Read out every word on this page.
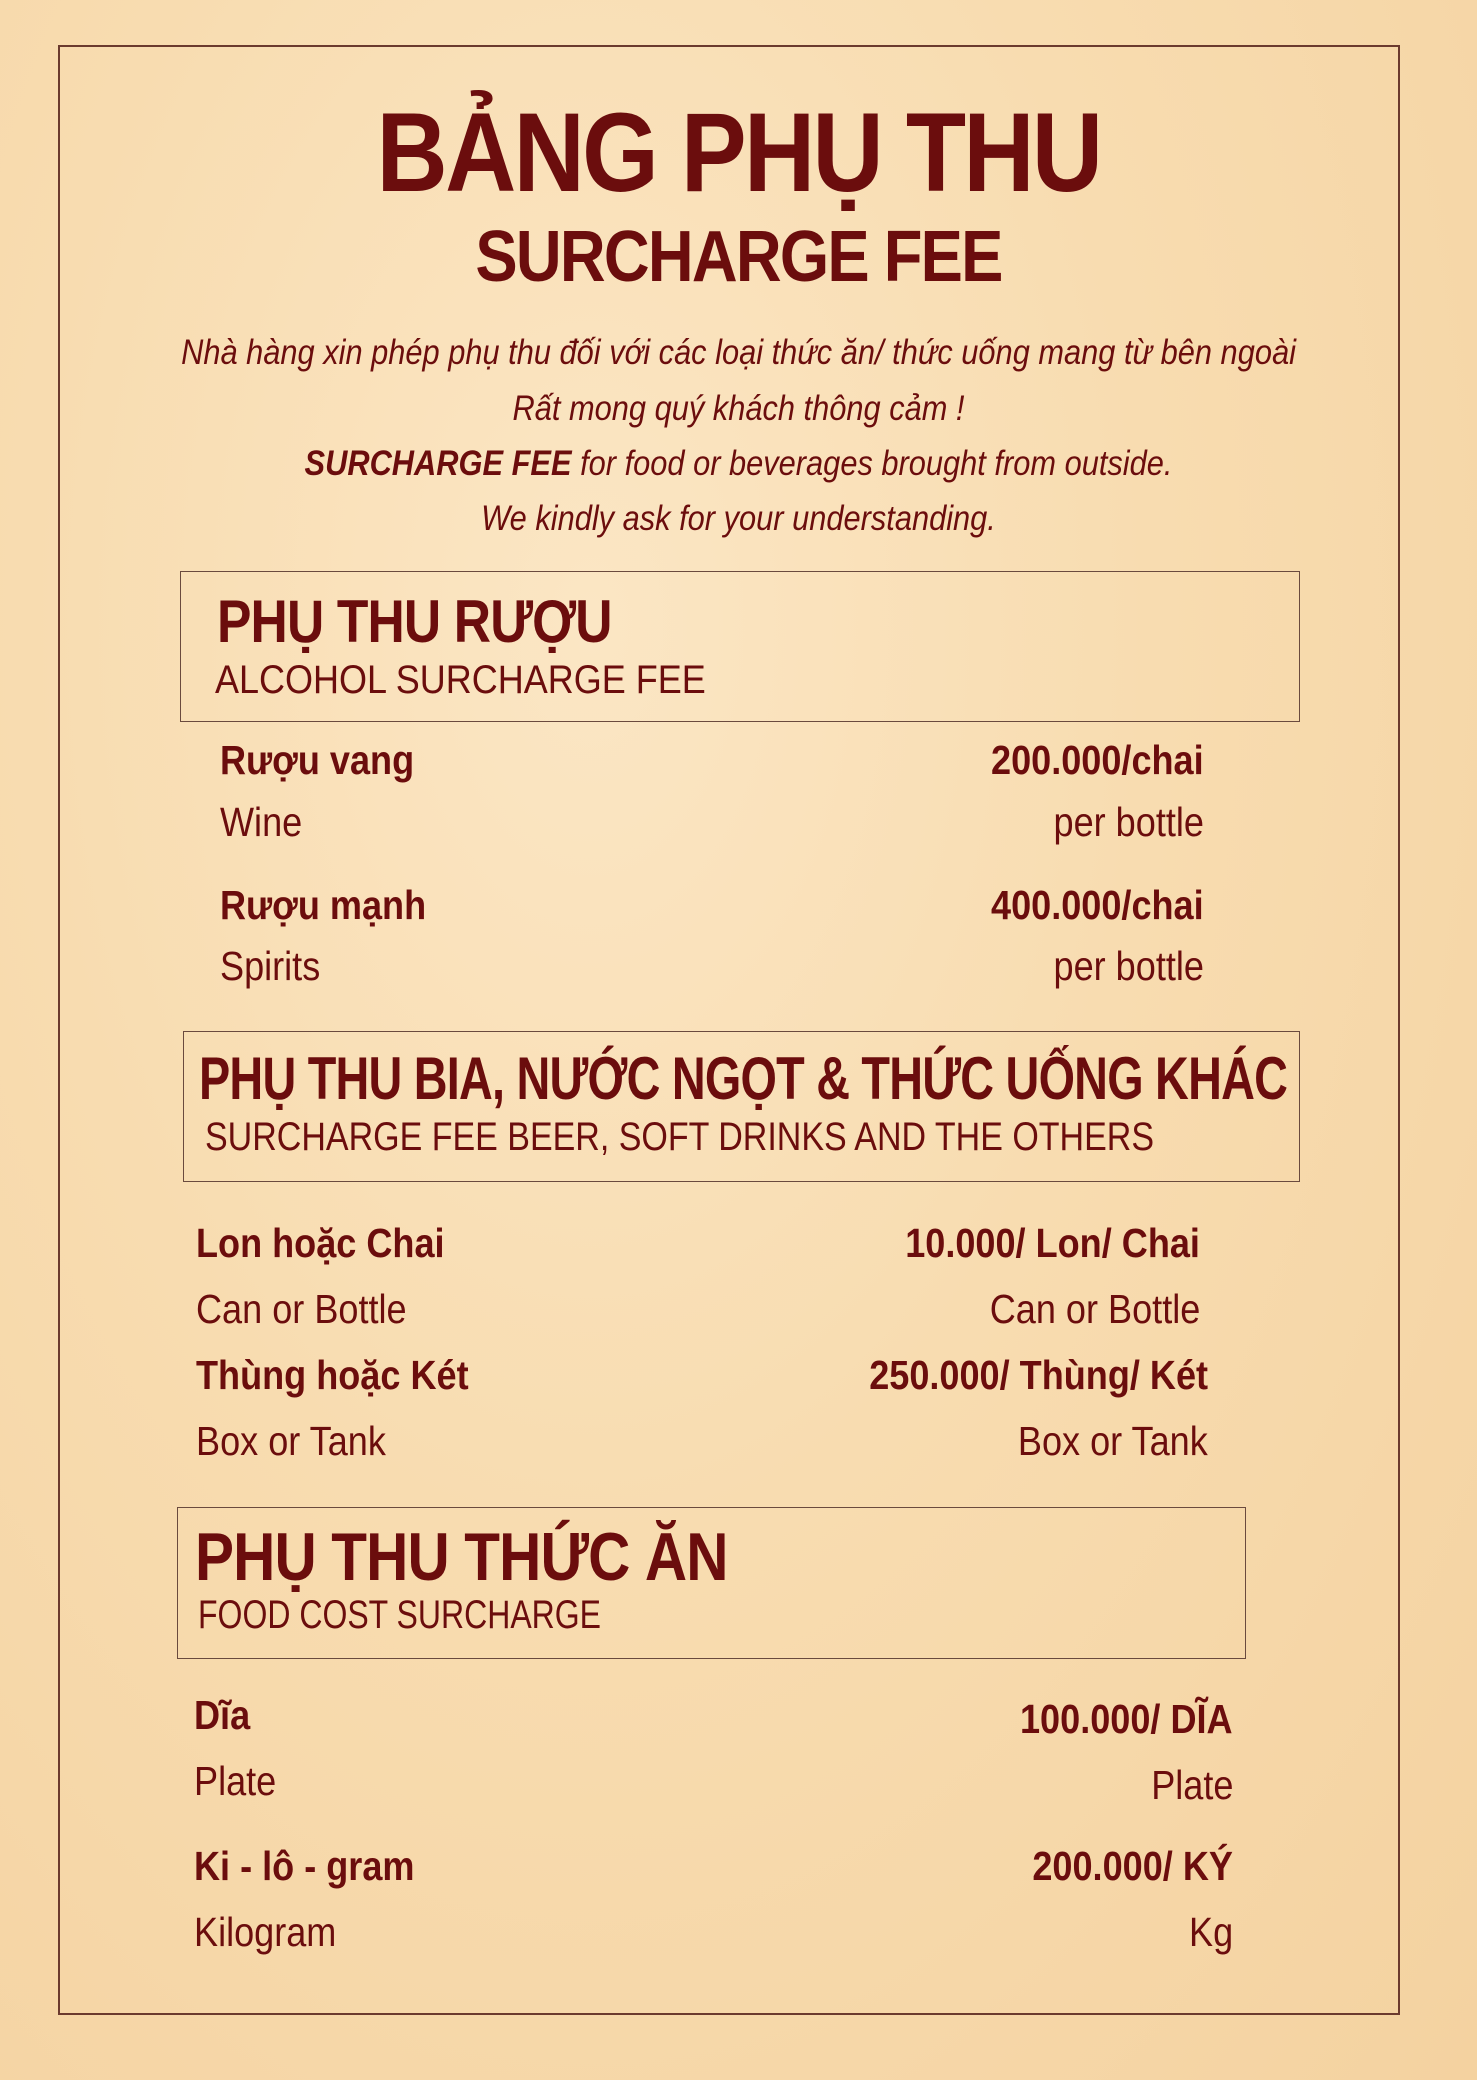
BẢNG PHỤ THU
SURCHARGE FEE
Nhà hàng xin phép phụ thu đối với các loại thức ăn/ thức uống mang từ bên ngoài
Rất mong quý khách thông cảm !
SURCHARGE FEE for food or beverages brought from outside.
We kindly ask for your understanding.
PHỤ THU RƯỢU
ALCOHOL SURCHARGE FEE
Rượu vang	200.000/chai
Wine	per bottle
Rượu mạnh	400.000/chai
Spirits	per bottle
PHỤ THU BIA, NƯỚC NGỌT & THỨC UỐNG KHÁC
SURCHARGE FEE BEER, SOFT DRINKS AND THE OTHERS
Lon hoặc Chai	10.000/ Lon/ Chai
Can or Bottle	Can or Bottle
Thùng hoặc Két	250.000/ Thùng/ Két
Box or Tank	Box or Tank
PHỤ THU THỨC ĂN
FOOD COST SURCHARGE
Dĩa	100.000/ DĨA
Plate	Plate
Ki - lô - gram	200.000/ KÝ
Kilogram	Kg
